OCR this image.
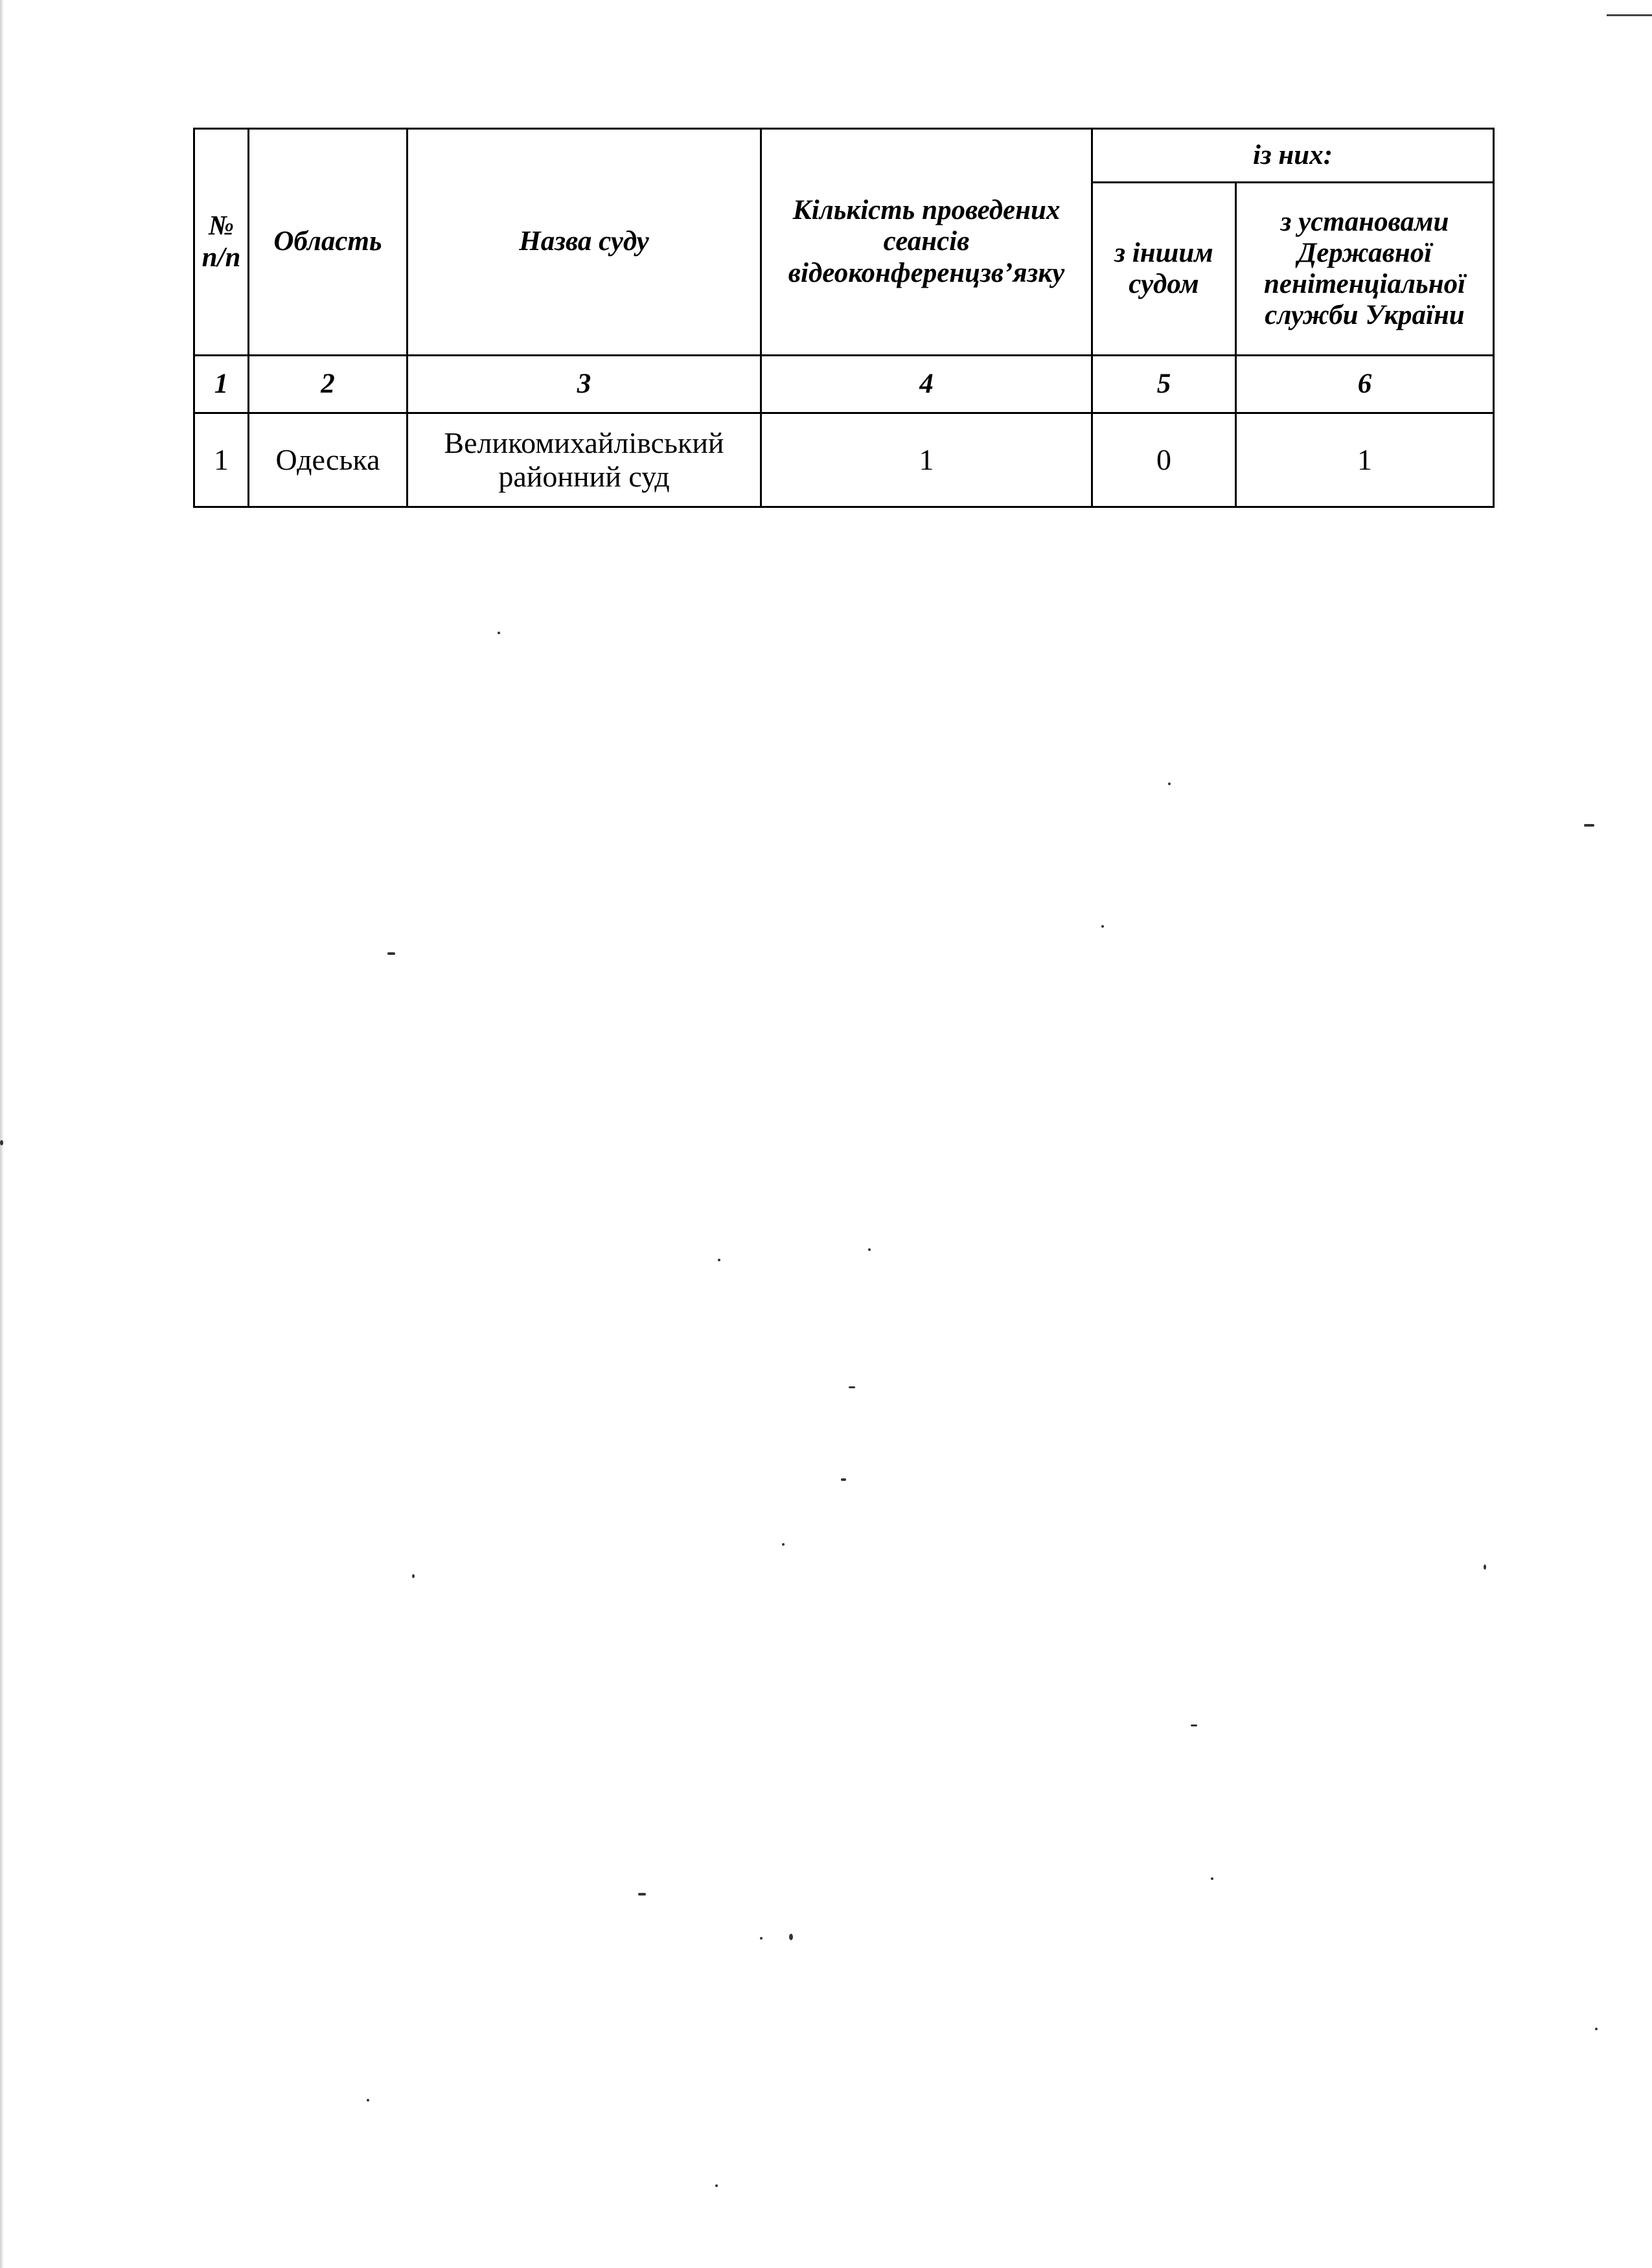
№ п/п	Область	Назва суду	Кількість проведених сеансів відеоконференцзв’язку	із них:	
				з іншим судом	з установами Державної пенітенціальної служби України
1	2	3	4	5	6
1	Одеська	Великомихайлівський районний суд	1	0	1
